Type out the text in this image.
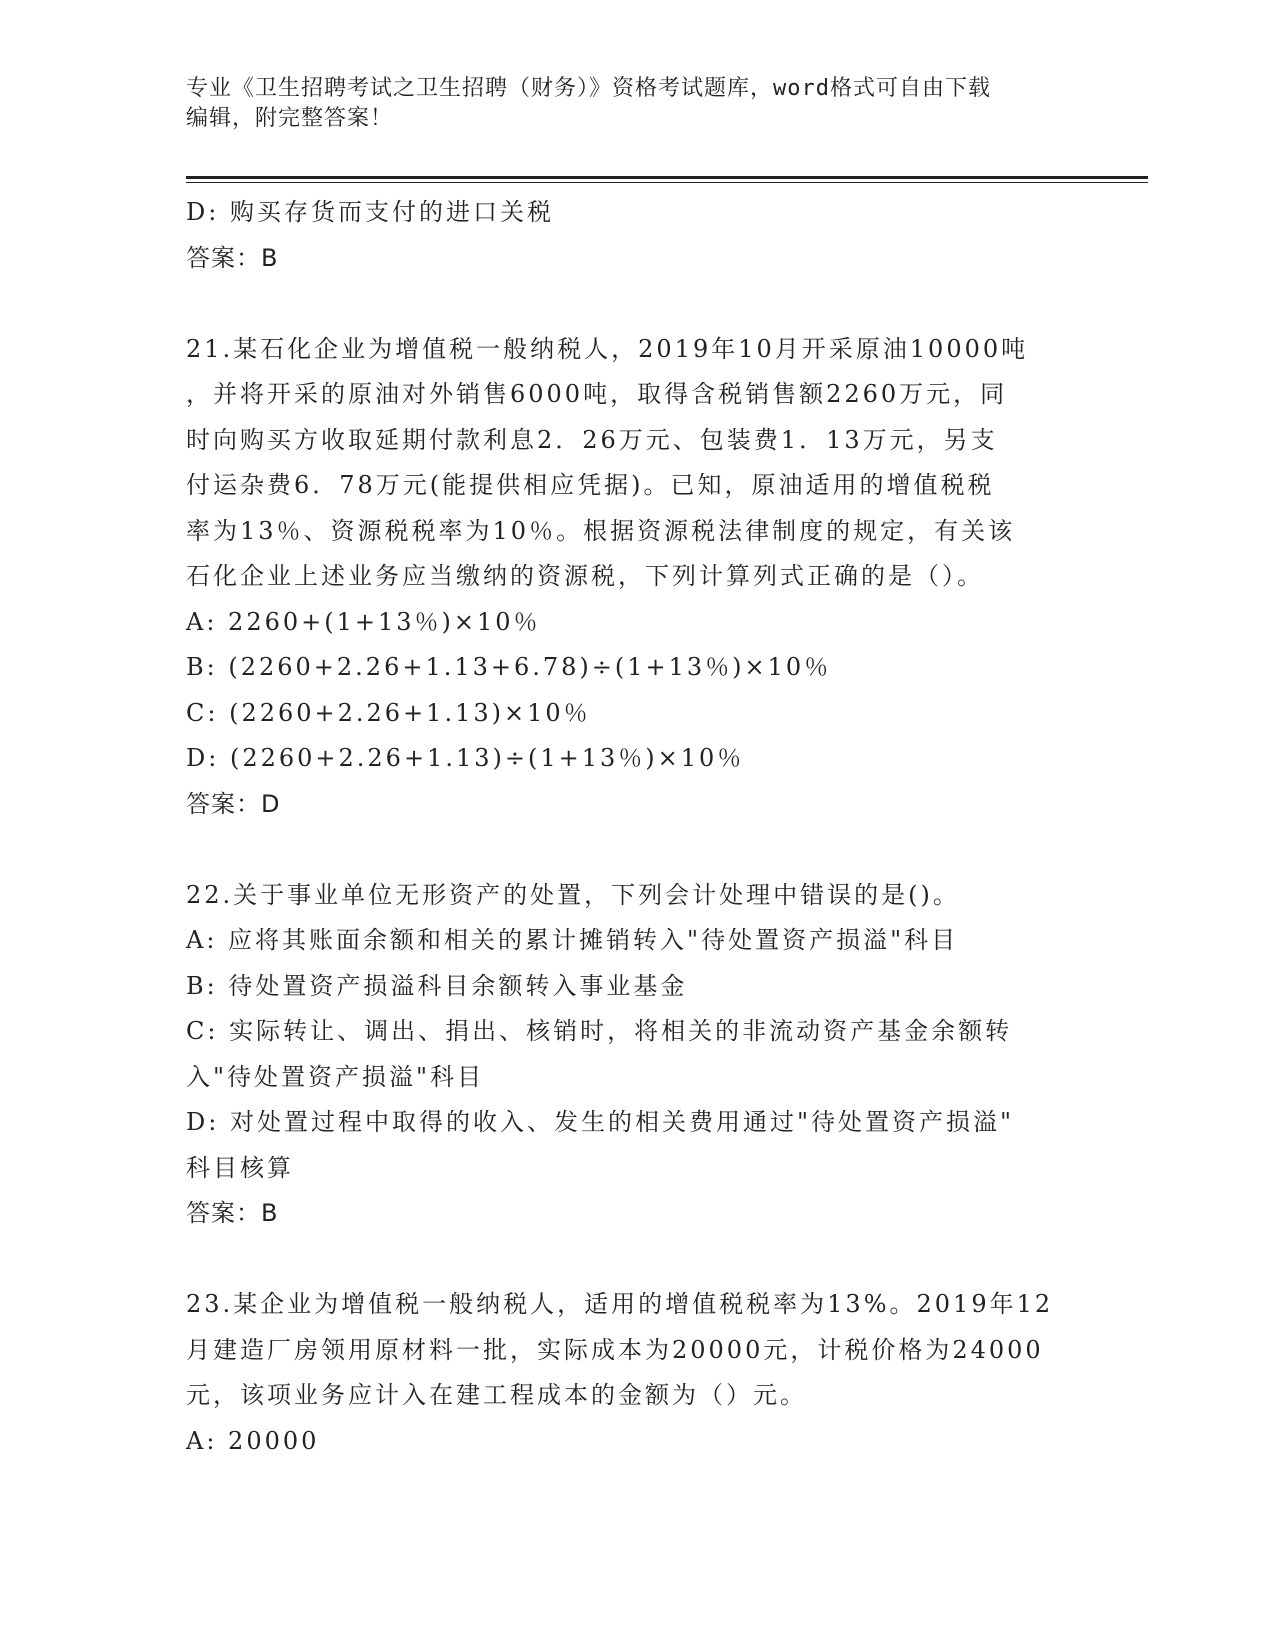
专业《卫生招聘考试之卫生招聘（财务）》资格考试题库，word格式可自由下载
编辑，附完整答案！
D: 购买存货而支付的进口关税
答案：B
21.某石化企业为增值税一般纳税人，2019年10月开采原油10000吨
，并将开采的原油对外销售6000吨，取得含税销售额2260万元，同
时向购买方收取延期付款利息2．26万元、包装费1．13万元，另支
付运杂费6．78万元(能提供相应凭据)。已知，原油适用的增值税税
率为13％、资源税税率为10％。根据资源税法律制度的规定，有关该
石化企业上述业务应当缴纳的资源税，下列计算列式正确的是（）。
A: 2260+(1+13％)×10％
B: (2260+2.26+1.13+6.78)÷(1+13％)×10％
C: (2260+2.26+1.13)×10％
D: (2260+2.26+1.13)÷(1+13％)×10％
答案：D
22.关于事业单位无形资产的处置，下列会计处理中错误的是()。
A: 应将其账面余额和相关的累计摊销转入"待处置资产损溢"科目
B: 待处置资产损溢科目余额转入事业基金
C: 实际转让、调出、捐出、核销时，将相关的非流动资产基金余额转
入"待处置资产损溢"科目
D: 对处置过程中取得的收入、发生的相关费用通过"待处置资产损溢"
科目核算
答案：B
23.某企业为增值税一般纳税人，适用的增值税税率为13%。2019年12
月建造厂房领用原材料一批，实际成本为20000元，计税价格为24000
元，该项业务应计入在建工程成本的金额为（）元。
A: 20000
